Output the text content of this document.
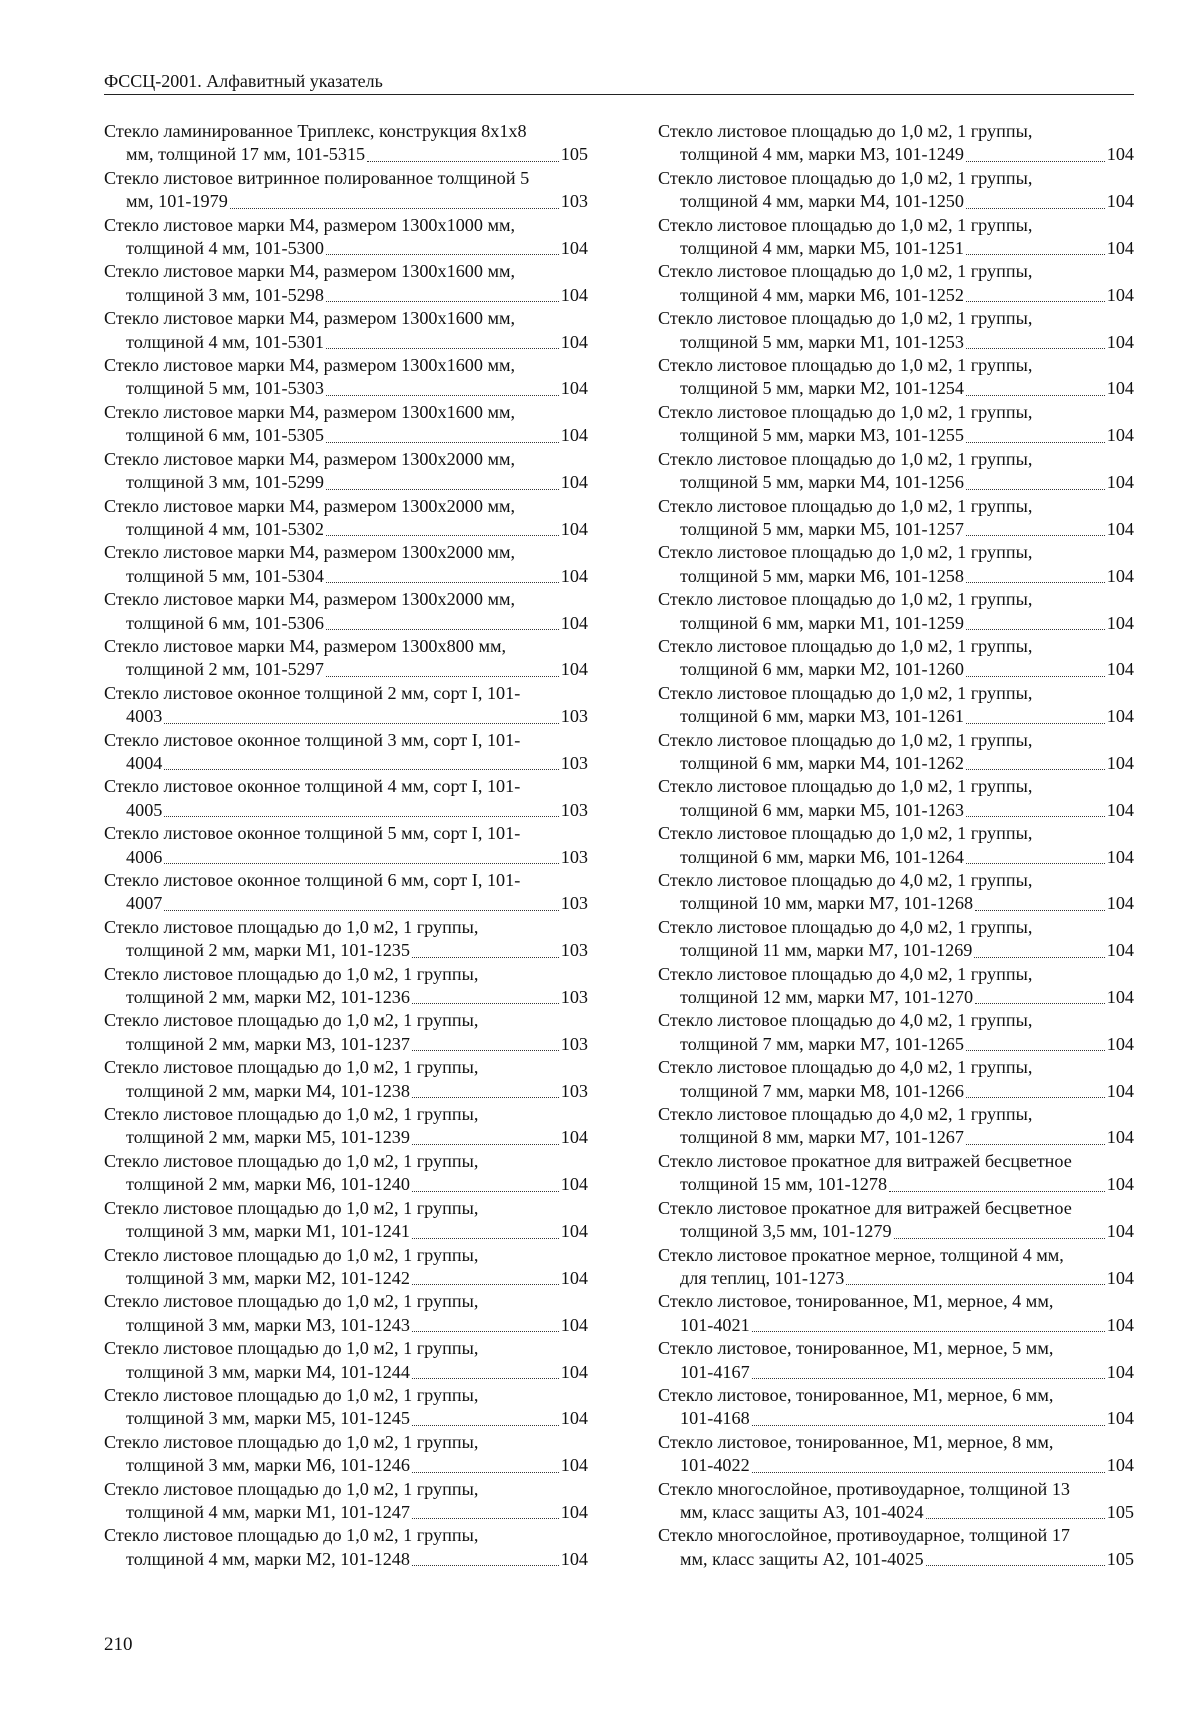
ФССЦ-2001. Алфавитный указатель
Стекло ламинированное Триплекс, конструкция 8х1х8
мм, толщиной 17 мм, 101-5315	105
Стекло листовое витринное полированное толщиной 5
мм, 101-1979	103
Стекло листовое марки М4, размером 1300х1000 мм,
толщиной 4 мм, 101-5300	104
Стекло листовое марки М4, размером 1300х1600 мм,
толщиной 3 мм, 101-5298	104
Стекло листовое марки М4, размером 1300х1600 мм,
толщиной 4 мм, 101-5301	104
Стекло листовое марки М4, размером 1300х1600 мм,
толщиной 5 мм, 101-5303	104
Стекло листовое марки М4, размером 1300х1600 мм,
толщиной 6 мм, 101-5305	104
Стекло листовое марки М4, размером 1300х2000 мм,
толщиной 3 мм, 101-5299	104
Стекло листовое марки М4, размером 1300х2000 мм,
толщиной 4 мм, 101-5302	104
Стекло листовое марки М4, размером 1300х2000 мм,
толщиной 5 мм, 101-5304	104
Стекло листовое марки М4, размером 1300х2000 мм,
толщиной 6 мм, 101-5306	104
Стекло листовое марки М4, размером 1300х800 мм,
толщиной 2 мм, 101-5297	104
Стекло листовое оконное толщиной 2 мм, сорт I, 101-
4003	103
Стекло листовое оконное толщиной 3 мм, сорт I, 101-
4004	103
Стекло листовое оконное толщиной 4 мм, сорт I, 101-
4005	103
Стекло листовое оконное толщиной 5 мм, сорт I, 101-
4006	103
Стекло листовое оконное толщиной 6 мм, сорт I, 101-
4007	103
Стекло листовое площадью до 1,0 м2, 1 группы,
толщиной 2 мм, марки М1, 101-1235	103
Стекло листовое площадью до 1,0 м2, 1 группы,
толщиной 2 мм, марки М2, 101-1236	103
Стекло листовое площадью до 1,0 м2, 1 группы,
толщиной 2 мм, марки М3, 101-1237	103
Стекло листовое площадью до 1,0 м2, 1 группы,
толщиной 2 мм, марки М4, 101-1238	103
Стекло листовое площадью до 1,0 м2, 1 группы,
толщиной 2 мм, марки М5, 101-1239	104
Стекло листовое площадью до 1,0 м2, 1 группы,
толщиной 2 мм, марки М6, 101-1240	104
Стекло листовое площадью до 1,0 м2, 1 группы,
толщиной 3 мм, марки М1, 101-1241	104
Стекло листовое площадью до 1,0 м2, 1 группы,
толщиной 3 мм, марки М2, 101-1242	104
Стекло листовое площадью до 1,0 м2, 1 группы,
толщиной 3 мм, марки М3, 101-1243	104
Стекло листовое площадью до 1,0 м2, 1 группы,
толщиной 3 мм, марки М4, 101-1244	104
Стекло листовое площадью до 1,0 м2, 1 группы,
толщиной 3 мм, марки М5, 101-1245	104
Стекло листовое площадью до 1,0 м2, 1 группы,
толщиной 3 мм, марки М6, 101-1246	104
Стекло листовое площадью до 1,0 м2, 1 группы,
толщиной 4 мм, марки М1, 101-1247	104
Стекло листовое площадью до 1,0 м2, 1 группы,
толщиной 4 мм, марки М2, 101-1248	104
Стекло листовое площадью до 1,0 м2, 1 группы,
толщиной 4 мм, марки М3, 101-1249	104
Стекло листовое площадью до 1,0 м2, 1 группы,
толщиной 4 мм, марки М4, 101-1250	104
Стекло листовое площадью до 1,0 м2, 1 группы,
толщиной 4 мм, марки М5, 101-1251	104
Стекло листовое площадью до 1,0 м2, 1 группы,
толщиной 4 мм, марки М6, 101-1252	104
Стекло листовое площадью до 1,0 м2, 1 группы,
толщиной 5 мм, марки М1, 101-1253	104
Стекло листовое площадью до 1,0 м2, 1 группы,
толщиной 5 мм, марки М2, 101-1254	104
Стекло листовое площадью до 1,0 м2, 1 группы,
толщиной 5 мм, марки М3, 101-1255	104
Стекло листовое площадью до 1,0 м2, 1 группы,
толщиной 5 мм, марки М4, 101-1256	104
Стекло листовое площадью до 1,0 м2, 1 группы,
толщиной 5 мм, марки М5, 101-1257	104
Стекло листовое площадью до 1,0 м2, 1 группы,
толщиной 5 мм, марки М6, 101-1258	104
Стекло листовое площадью до 1,0 м2, 1 группы,
толщиной 6 мм, марки М1, 101-1259	104
Стекло листовое площадью до 1,0 м2, 1 группы,
толщиной 6 мм, марки М2, 101-1260	104
Стекло листовое площадью до 1,0 м2, 1 группы,
толщиной 6 мм, марки М3, 101-1261	104
Стекло листовое площадью до 1,0 м2, 1 группы,
толщиной 6 мм, марки М4, 101-1262	104
Стекло листовое площадью до 1,0 м2, 1 группы,
толщиной 6 мм, марки М5, 101-1263	104
Стекло листовое площадью до 1,0 м2, 1 группы,
толщиной 6 мм, марки М6, 101-1264	104
Стекло листовое площадью до 4,0 м2, 1 группы,
толщиной 10 мм, марки М7, 101-1268	104
Стекло листовое площадью до 4,0 м2, 1 группы,
толщиной 11 мм, марки М7, 101-1269	104
Стекло листовое площадью до 4,0 м2, 1 группы,
толщиной 12 мм, марки М7, 101-1270	104
Стекло листовое площадью до 4,0 м2, 1 группы,
толщиной 7 мм, марки М7, 101-1265	104
Стекло листовое площадью до 4,0 м2, 1 группы,
толщиной 7 мм, марки М8, 101-1266	104
Стекло листовое площадью до 4,0 м2, 1 группы,
толщиной 8 мм, марки М7, 101-1267	104
Стекло листовое прокатное для витражей бесцветное
толщиной 15 мм, 101-1278	104
Стекло листовое прокатное для витражей бесцветное
толщиной 3,5 мм, 101-1279	104
Стекло листовое прокатное мерное, толщиной 4 мм,
для теплиц, 101-1273	104
Стекло листовое, тонированное, М1, мерное, 4 мм,
101-4021	104
Стекло листовое, тонированное, М1, мерное, 5 мм,
101-4167	104
Стекло листовое, тонированное, М1, мерное, 6 мм,
101-4168	104
Стекло листовое, тонированное, М1, мерное, 8 мм,
101-4022	104
Стекло многослойное, противоударное, толщиной 13
мм, класс защиты А3, 101-4024	105
Стекло многослойное, противоударное, толщиной 17
мм, класс защиты А2, 101-4025	105
210
